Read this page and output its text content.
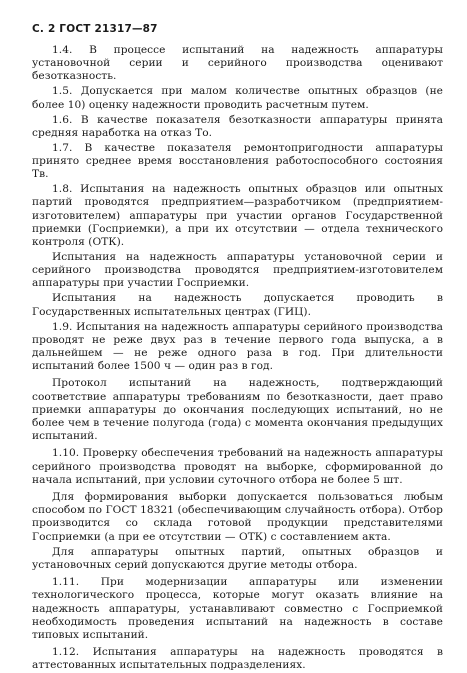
С. 2 ГОСТ 21317—87

1.4. В процессе испытаний на надежность аппаратуры установочной серии и серийного производства оценивают безотказность.

1.5. Допускается при малом количестве опытных образцов (не более 10) оценку надежности проводить расчетным путем.

1.6. В качестве показателя безотказности аппаратуры принята средняя наработка на отказ Tо.

1.7. В качестве показателя ремонтопригодности аппаратуры принято среднее время восстановления работоспособного состояния Tв.

1.8. Испытания на надежность опытных образцов или опытных партий проводятся предприятием—разработчиком (предприятием-изготовителем) аппаратуры при участии органов Государственной приемки (Госприемки), а при их отсутствии — отдела технического контроля (ОТК).

Испытания на надежность аппаратуры установочной серии и серийного производства проводятся предприятием-изготовителем аппаратуры при участии Госприемки.

Испытания на надежность допускается проводить в Государственных испытательных центрах (ГИЦ).

1.9. Испытания на надежность аппаратуры серийного производства проводят не реже двух раз в течение первого года выпуска, а в дальнейшем — не реже одного раза в год. При длительности испытаний более 1500 ч — один раз в год.

Протокол испытаний на надежность, подтверждающий соответствие аппаратуры требованиям по безотказности, дает право приемки аппаратуры до окончания последующих испытаний, но не более чем в течение полугода (года) с момента окончания предыдущих испытаний.

1.10. Проверку обеспечения требований на надежность аппаратуры серийного производства проводят на выборке, сформированной до начала испытаний, при условии суточного отбора не более 5 шт.

Для формирования выборки допускается пользоваться любым способом по ГОСТ 18321 (обеспечивающим случайность отбора). Отбор производится со склада готовой продукции представителями Госприемки (а при ее отсутствии — ОТК) с составлением акта.

Для аппаратуры опытных партий, опытных образцов и установочных серий допускаются другие методы отбора.

1.11. При модернизации аппаратуры или изменении технологического процесса, которые могут оказать влияние на надежность аппаратуры, устанавливают совместно с Госприемкой необходимость проведения испытаний на надежность в составе типовых испытаний.

1.12. Испытания аппаратуры на надежность проводятся в аттестованных испытательных подразделениях.
